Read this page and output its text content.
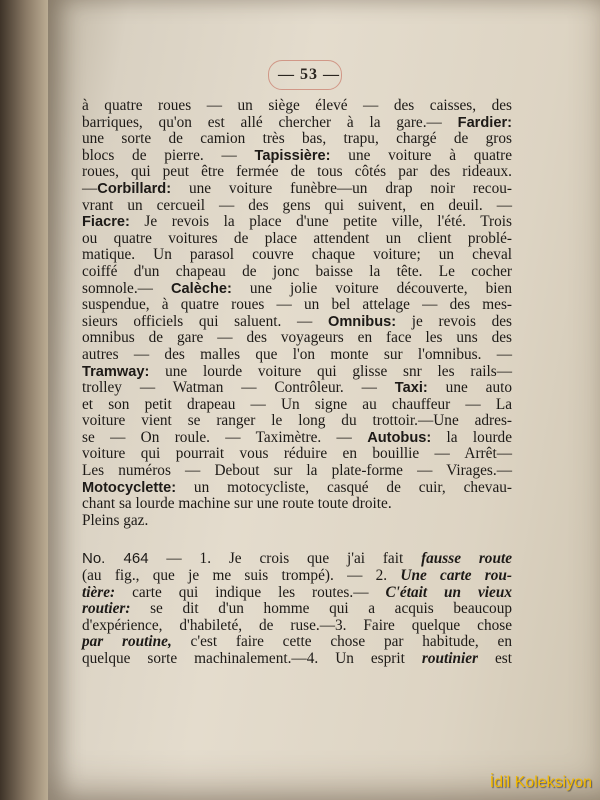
— 53 —
à quatre roues — un siège élevé — des caisses, des
barriques, qu'on est allé chercher à la gare.— Fardier:
une sorte de camion très bas, trapu, chargé de gros
blocs de pierre. — Tapissière: une voiture à quatre
roues, qui peut être fermée de tous côtés par des rideaux.
—Corbillard: une voiture funèbre—un drap noir recou-
vrant un cercueil — des gens qui suivent, en deuil. —
Fiacre: Je revois la place d'une petite ville, l'été. Trois
ou quatre voitures de place attendent un client problé-
matique. Un parasol couvre chaque voiture; un cheval
coiffé d'un chapeau de jonc baisse la tête. Le cocher
somnole.— Calèche: une jolie voiture découverte, bien
suspendue, à quatre roues — un bel attelage — des mes-
sieurs officiels qui saluent. — Omnibus: je revois des
omnibus de gare — des voyageurs en face les uns des
autres — des malles que l'on monte sur l'omnibus. —
Tramway: une lourde voiture qui glisse snr les rails—
trolley — Watman — Contrôleur. — Taxi: une auto
et son petit drapeau — Un signe au chauffeur — La
voiture vient se ranger le long du trottoir.—Une adres-
se — On roule. — Taximètre. — Autobus: la lourde
voiture qui pourrait vous réduire en bouillie — Arrêt—
Les numéros — Debout sur la plate-forme — Virages.—
Motocyclette: un motocycliste, casqué de cuir, chevau-
chant sa lourde machine sur une route toute droite.
Pleins gaz.
No. 464 — 1. Je crois que j'ai fait fausse route
(au fig., que je me suis trompé). — 2. Une carte rou-
tière: carte qui indique les routes.— C'était un vieux
routier: se dit d'un homme qui a acquis beaucoup
d'expérience, d'habileté, de ruse.—3. Faire quelque chose
par routine, c'est faire cette chose par habitude, en
quelque sorte machinalement.—4. Un esprit routinier est
İdil Koleksiyon
